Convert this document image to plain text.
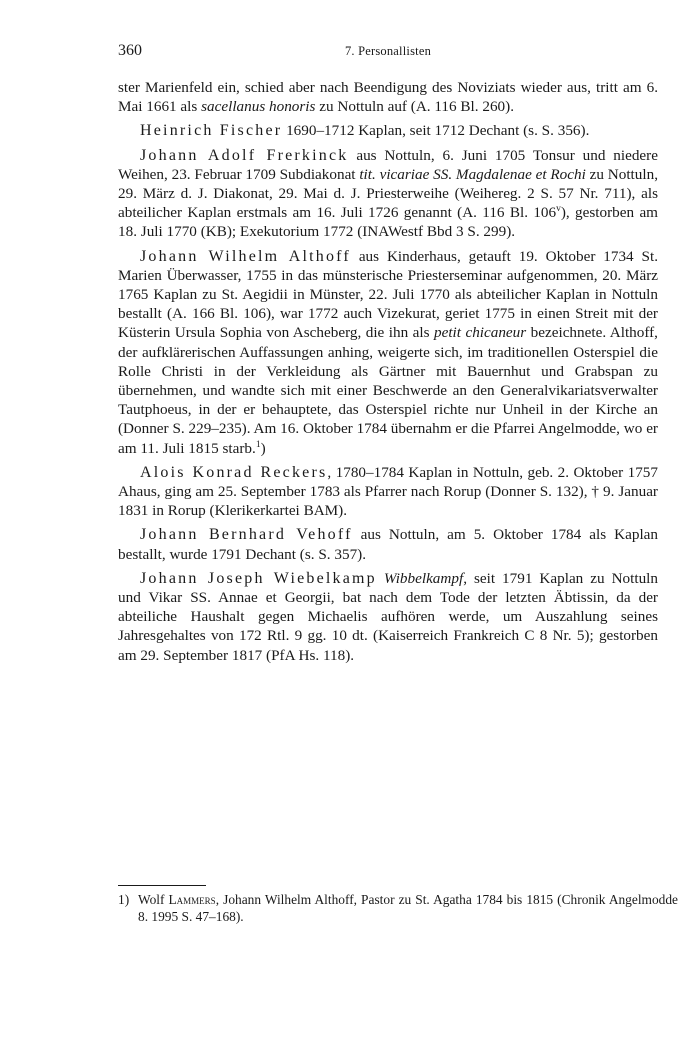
360	7. Personallisten

ster Marienfeld ein, schied aber nach Beendigung des Noviziats wieder aus, tritt am 6. Mai 1661 als sacellanus honoris zu Nottuln auf (A. 116 Bl. 260).

Heinrich Fischer 1690–1712 Kaplan, seit 1712 Dechant (s. S. 356).

Johann Adolf Frerkinck aus Nottuln, 6. Juni 1705 Tonsur und niedere Weihen, 23. Februar 1709 Subdiakonat tit. vicariae SS. Magdalenae et Rochi zu Nottuln, 29. März d. J. Diakonat, 29. Mai d. J. Priesterweihe (Weihereg. 2 S. 57 Nr. 711), als abteilicher Kaplan erstmals am 16. Juli 1726 genannt (A. 116 Bl. 106$^v$), gestorben am 18. Juli 1770 (KB); Exekutorium 1772 (INAWestf Bbd 3 S. 299).

Johann Wilhelm Althoff aus Kinderhaus, getauft 19. Oktober 1734 St. Marien Überwasser, 1755 in das münsterische Priesterseminar aufgenommen, 20. März 1765 Kaplan zu St. Aegidii in Münster, 22. Juli 1770 als abteilicher Kaplan in Nottuln bestallt (A. 166 Bl. 106), war 1772 auch Vizekurat, geriet 1775 in einen Streit mit der Küsterin Ursula Sophia von Ascheberg, die ihn als petit chicaneur bezeichnete. Althoff, der aufklärerischen Auffassungen anhing, weigerte sich, im traditionellen Osterspiel die Rolle Christi in der Verkleidung als Gärtner mit Bauernhut und Grabspan zu übernehmen, und wandte sich mit einer Beschwerde an den Generalvikariatsverwalter Tautphoeus, in der er behauptete, das Osterspiel richte nur Unheil in der Kirche an (Donner S. 229–235). Am 16. Oktober 1784 übernahm er die Pfarrei Angelmodde, wo er am 11. Juli 1815 starb.$^1$)

Alois Konrad Reckers, 1780–1784 Kaplan in Nottuln, geb. 2. Oktober 1757 Ahaus, ging am 25. September 1783 als Pfarrer nach Rorup (Donner S. 132), † 9. Januar 1831 in Rorup (Klerikerkartei BAM).

Johann Bernhard Vehoff aus Nottuln, am 5. Oktober 1784 als Kaplan bestallt, wurde 1791 Dechant (s. S. 357).

Johann Joseph Wiebelkamp Wibbelkampf, seit 1791 Kaplan zu Nottuln und Vikar SS. Annae et Georgii, bat nach dem Tode der letzten Äbtissin, da der abteiliche Haushalt gegen Michaelis aufhören werde, um Auszahlung seines Jahresgehaltes von 172 Rtl. 9 gg. 10 dt. (Kaiserreich Frankreich C 8 Nr. 5); gestorben am 29. September 1817 (PfA Hs. 118).

1) Wolf Lammers, Johann Wilhelm Althoff, Pastor zu St. Agatha 1784 bis 1815 (Chronik Angelmodde 8. 1995 S. 47–168).
